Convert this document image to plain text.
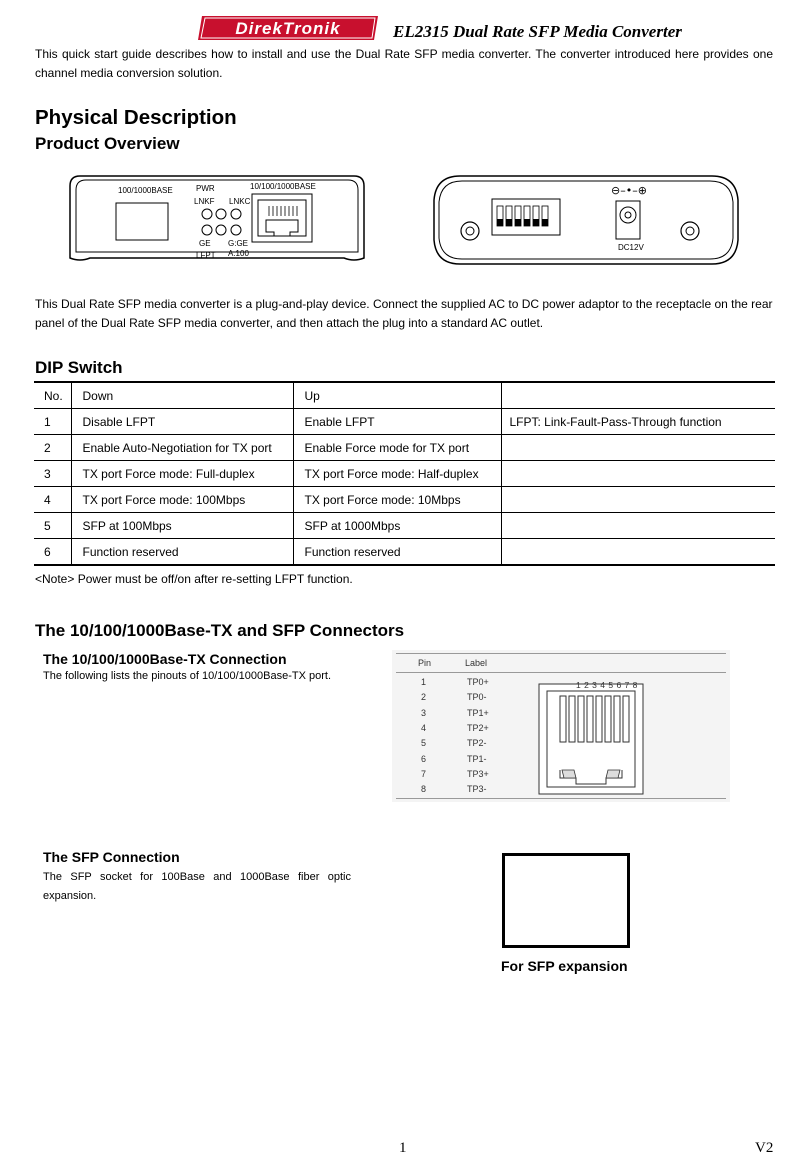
DirekTronik	EL2315 Dual Rate SFP Media Converter
This quick start guide describes how to install and use the Dual Rate SFP media converter. The converter introduced here provides one channel media conversion solution.
Physical Description
Product Overview
100/1000BASE	PWR
LNKF LNKC
GE
LFPT
G:GE
A:100
10/100/1000BASE	⊖–•–⊕
DC12V
This Dual Rate SFP media converter is a plug-and-play device. Connect the supplied AC to DC power adaptor to the receptacle on the rear panel of the Dual Rate SFP media converter, and then attach the plug into a standard AC outlet.
DIP Switch
No.	Down	Up	
1	Disable LFPT	Enable LFPT	LFPT: Link-Fault-Pass-Through function
2	Enable Auto-Negotiation for TX port	Enable Force mode for TX port	
3	TX port Force mode: Full-duplex	TX port Force mode: Half-duplex	
4	TX port Force mode: 100Mbps	TX port Force mode: 10Mbps	
5	SFP at 100Mbps	SFP at 1000Mbps	
6	Function reserved	Function reserved	
<Note> Power must be off/on after re-setting LFPT function.
The 10/100/1000Base-TX and SFP Connectors
The 10/100/1000Base-TX Connection
The following lists the pinouts of 10/100/1000Base-TX port.
Pin	Label
1	TP0+
2	TP0-
3	TP1+
4	TP2+
5	TP2-
6	TP1-
7	TP3+
8	TP3-
1 2 3 4 5 6 7 8
The SFP Connection
The SFP socket for 100Base and 1000Base fiber optic expansion.
For SFP expansion
1	V2
